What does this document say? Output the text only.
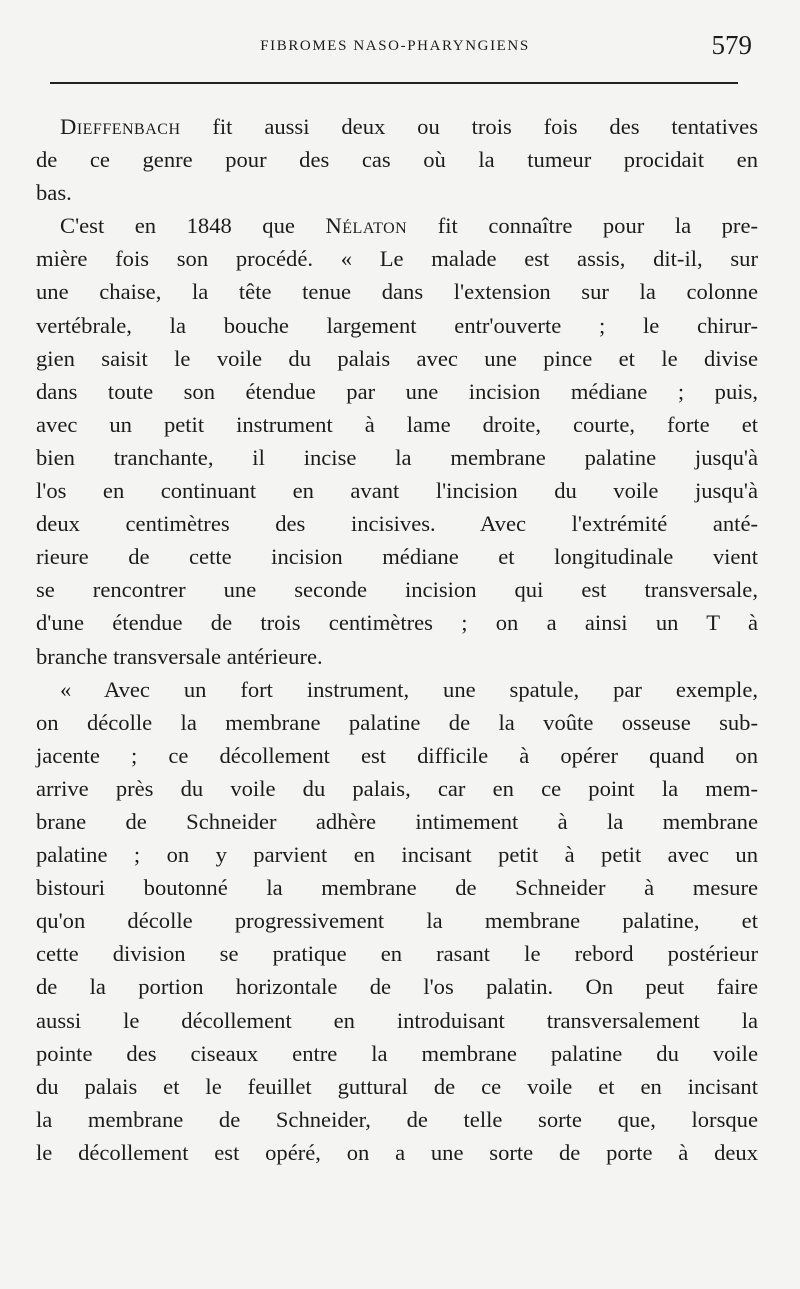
FIBROMES NASO-PHARYNGIENS	579
Dieffenbach fit aussi deux ou trois fois des tentatives
de ce genre pour des cas où la tumeur procidait en
bas.
C'est en 1848 que Nélaton fit connaître pour la pre-
mière fois son procédé. « Le malade est assis, dit-il, sur
une chaise, la tête tenue dans l'extension sur la colonne
vertébrale, la bouche largement entr'ouverte ; le chirur-
gien saisit le voile du palais avec une pince et le divise
dans toute son étendue par une incision médiane ; puis,
avec un petit instrument à lame droite, courte, forte et
bien tranchante, il incise la membrane palatine jusqu'à
l'os en continuant en avant l'incision du voile jusqu'à
deux centimètres des incisives. Avec l'extrémité anté-
rieure de cette incision médiane et longitudinale vient
se rencontrer une seconde incision qui est transversale,
d'une étendue de trois centimètres ; on a ainsi un T à
branche transversale antérieure.
« Avec un fort instrument, une spatule, par exemple,
on décolle la membrane palatine de la voûte osseuse sub-
jacente ; ce décollement est difficile à opérer quand on
arrive près du voile du palais, car en ce point la mem-
brane de Schneider adhère intimement à la membrane
palatine ; on y parvient en incisant petit à petit avec un
bistouri boutonné la membrane de Schneider à mesure
qu'on décolle progressivement la membrane palatine, et
cette division se pratique en rasant le rebord postérieur
de la portion horizontale de l'os palatin. On peut faire
aussi le décollement en introduisant transversalement la
pointe des ciseaux entre la membrane palatine du voile
du palais et le feuillet guttural de ce voile et en incisant
la membrane de Schneider, de telle sorte que, lorsque
le décollement est opéré, on a une sorte de porte à deux
